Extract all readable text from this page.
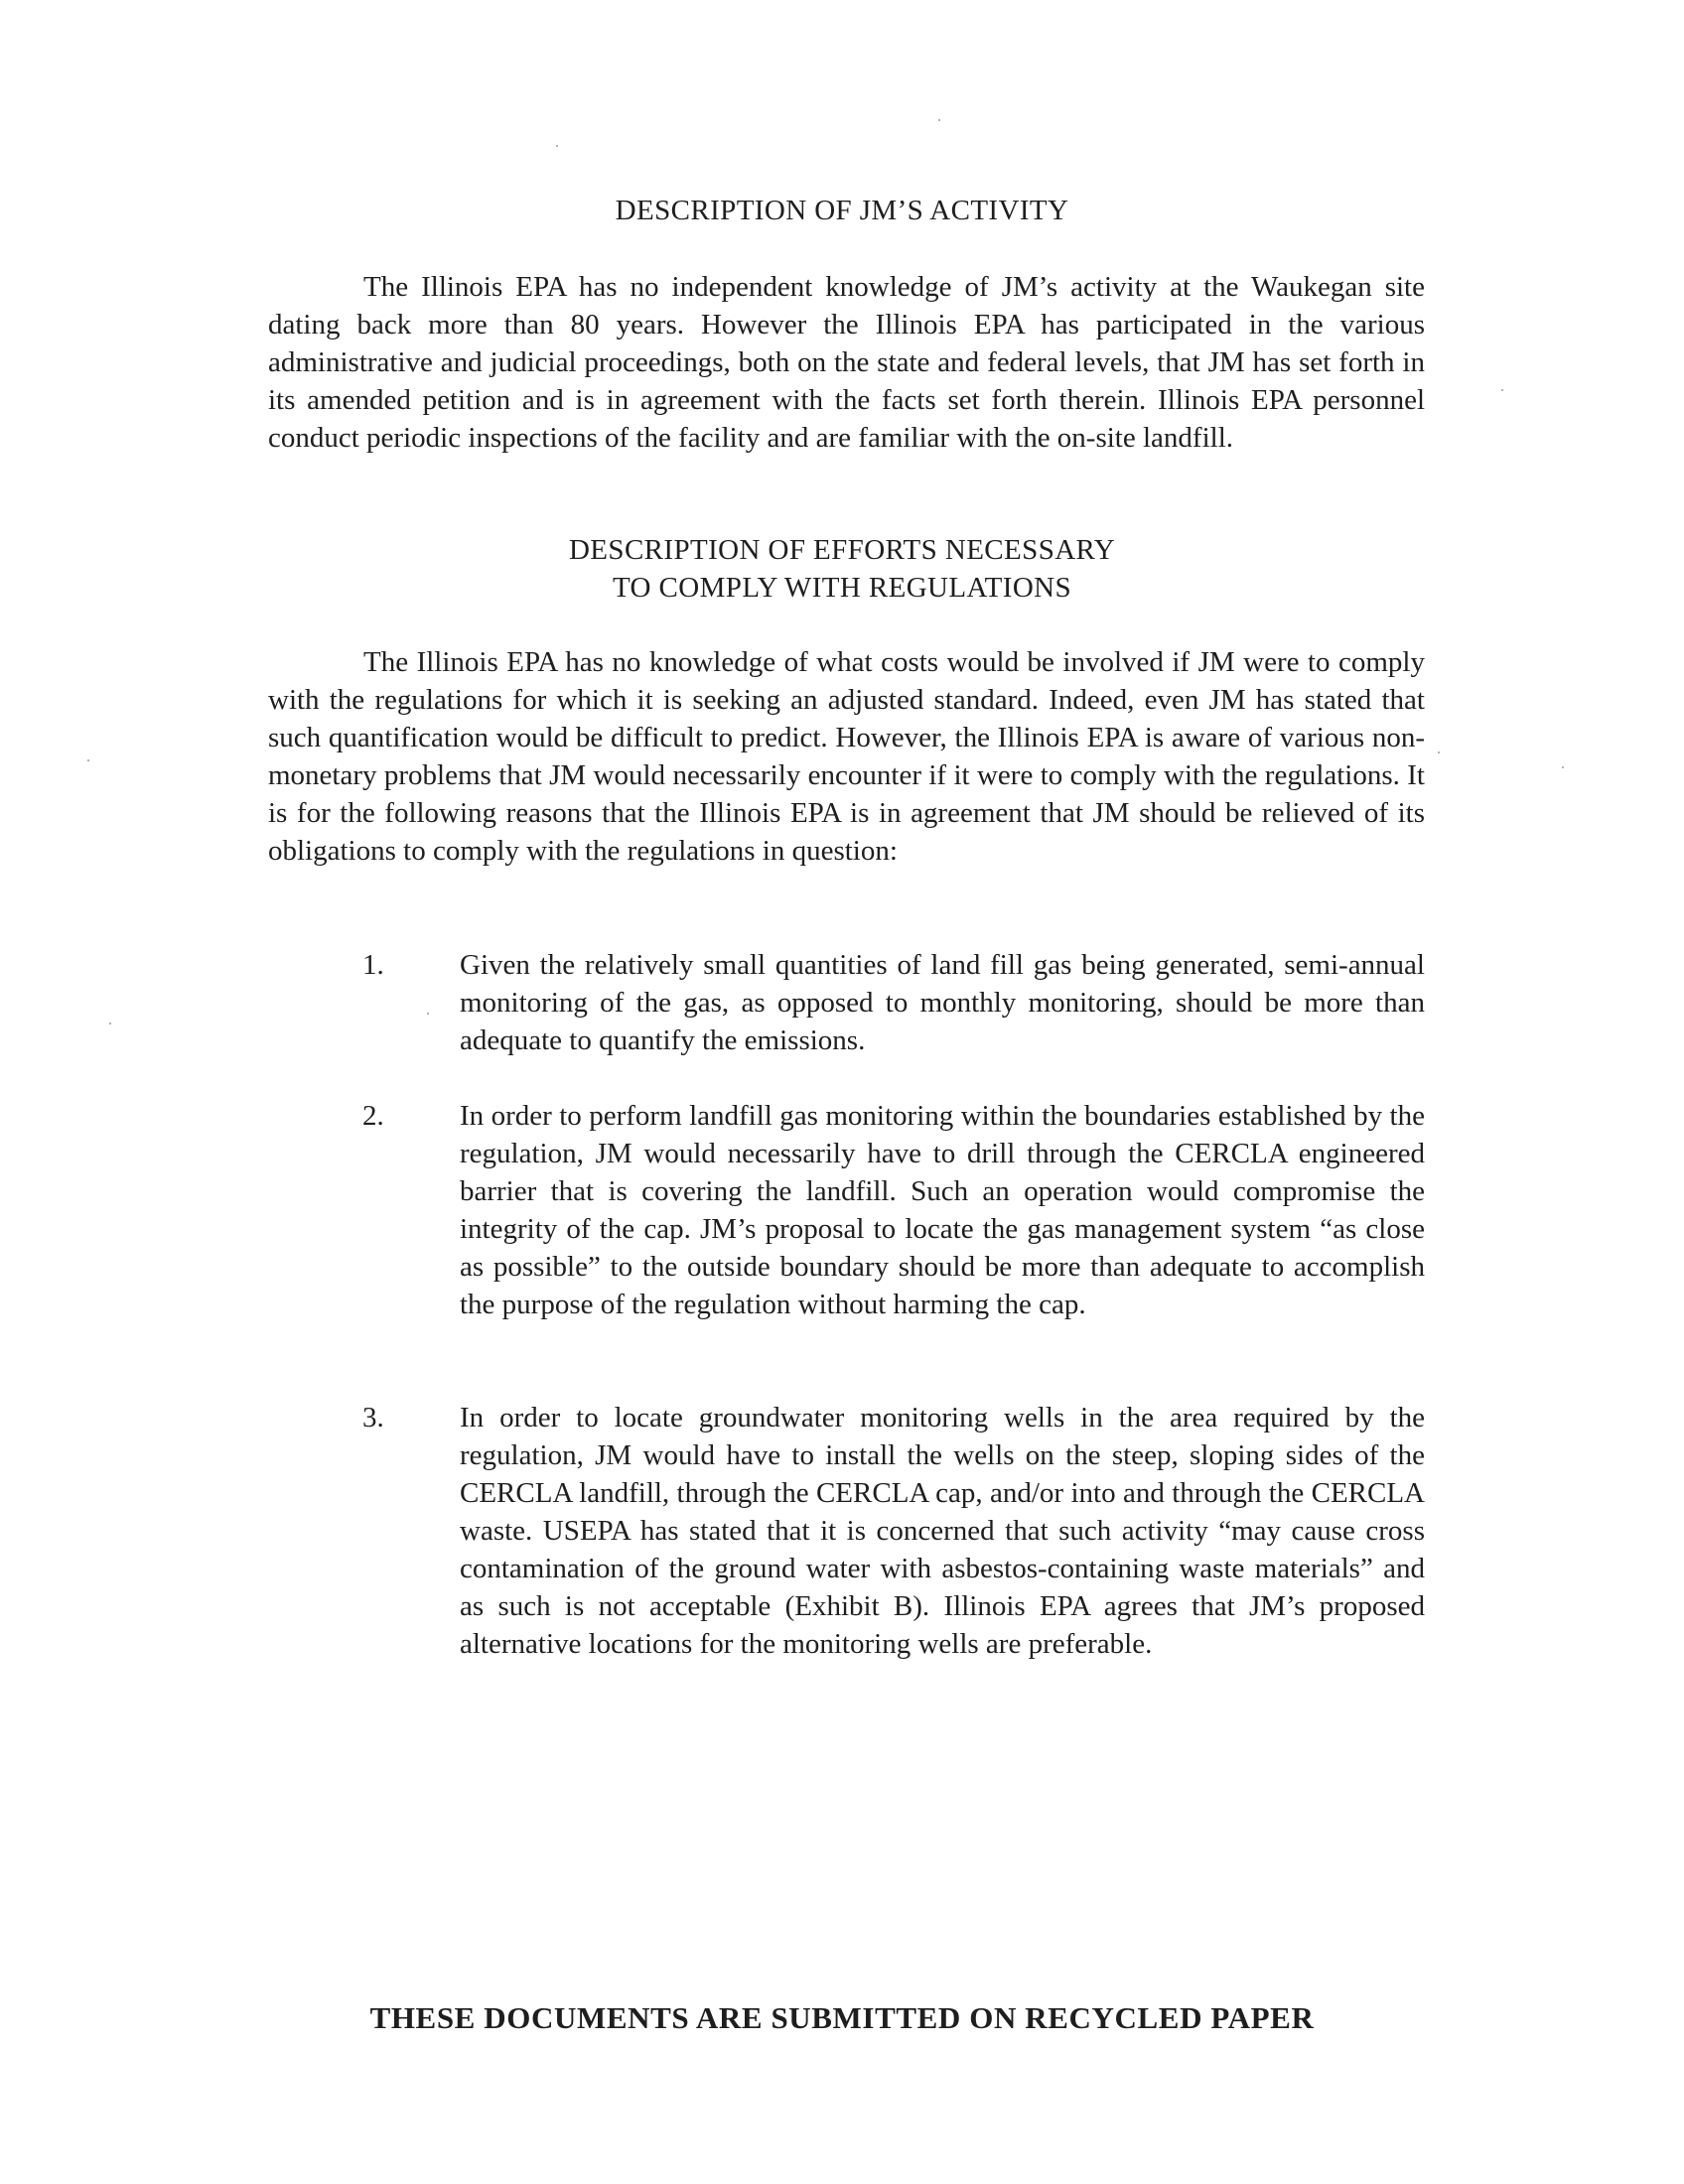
DESCRIPTION OF JM’S ACTIVITY

The Illinois EPA has no independent knowledge of JM’s activity at the Waukegan site dating back more than 80 years. However the Illinois EPA has participated in the various administrative and judicial proceedings, both on the state and federal levels, that JM has set forth in its amended petition and is in agreement with the facts set forth therein. Illinois EPA personnel conduct periodic inspections of the facility and are familiar with the on-site landfill.

DESCRIPTION OF EFFORTS NECESSARY
TO COMPLY WITH REGULATIONS

The Illinois EPA has no knowledge of what costs would be involved if JM were to comply with the regulations for which it is seeking an adjusted standard. Indeed, even JM has stated that such quantification would be difficult to predict. However, the Illinois EPA is aware of various non-monetary problems that JM would necessarily encounter if it were to comply with the regulations. It is for the following reasons that the Illinois EPA is in agreement that JM should be relieved of its obligations to comply with the regulations in question:

1.	Given the relatively small quantities of land fill gas being generated, semi-annual monitoring of the gas, as opposed to monthly monitoring, should be more than adequate to quantify the emissions.
2.	In order to perform landfill gas monitoring within the boundaries established by the regulation, JM would necessarily have to drill through the CERCLA engineered barrier that is covering the landfill. Such an operation would compromise the integrity of the cap. JM’s proposal to locate the gas management system “as close as possible” to the outside boundary should be more than adequate to accomplish the purpose of the regulation without harming the cap.
3.	In order to locate groundwater monitoring wells in the area required by the regulation, JM would have to install the wells on the steep, sloping sides of the CERCLA landfill, through the CERCLA cap, and/or into and through the CERCLA waste. USEPA has stated that it is concerned that such activity “may cause cross contamination of the ground water with asbestos-containing waste materials” and as such is not acceptable (Exhibit B). Illinois EPA agrees that JM’s proposed alternative locations for the monitoring wells are preferable.
THESE DOCUMENTS ARE SUBMITTED ON RECYCLED PAPER
